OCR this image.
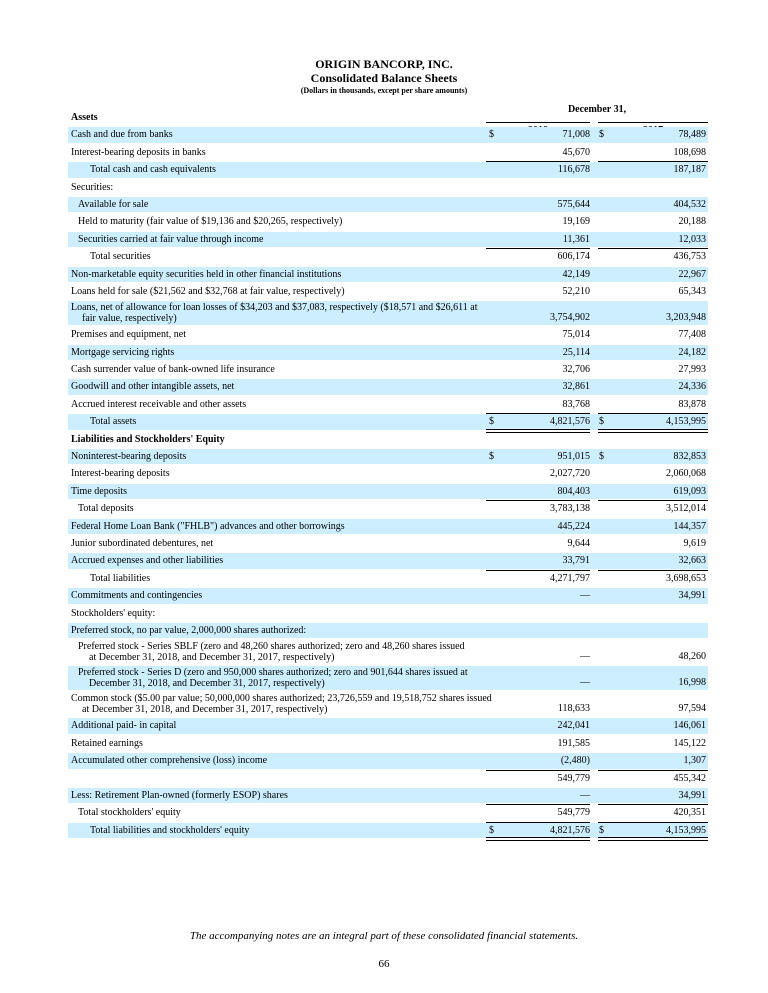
ORIGIN BANCORP, INC.
Consolidated Balance Sheets
(Dollars in thousands, except per share amounts)
December 31,
Assets
Cash and due from banks	$	71,008 $	78,489
Interest-bearing deposits in banks	45,670	108,698
Total cash and cash equivalents	116,678	187,187
Securities:
Available for sale	575,644	404,532
Held to maturity (fair value of $19,136 and $20,265, respectively)	19,169	20,188
Securities carried at fair value through income	11,361	12,033
Total securities	606,174	436,753
Non-marketable equity securities held in other financial institutions	42,149	22,967
Loans held for sale ($21,562 and $32,768 at fair value, respectively)	52,210	65,343
Loans, net of allowance for loan losses of $34,203 and $37,083, respectively ($18,571 and $26,611 at fair value, respectively)	3,754,902	3,203,948
Premises and equipment, net	75,014	77,408
Mortgage servicing rights	25,114	24,182
Cash surrender value of bank-owned life insurance	32,706	27,993
Goodwill and other intangible assets, net	32,861	24,336
Accrued interest receivable and other assets	83,768	83,878
Total assets	$	4,821,576 $	4,153,995
Liabilities and Stockholders' Equity
Noninterest-bearing deposits	$	951,015 $	832,853
Interest-bearing deposits	2,027,720	2,060,068
Time deposits	804,403	619,093
Total deposits	3,783,138	3,512,014
Federal Home Loan Bank ("FHLB") advances and other borrowings	445,224	144,357
Junior subordinated debentures, net	9,644	9,619
Accrued expenses and other liabilities	33,791	32,663
Total liabilities	4,271,797	3,698,653
Commitments and contingencies	—	34,991
Stockholders' equity:
Preferred stock, no par value, 2,000,000 shares authorized:
Preferred stock - Series SBLF (zero and 48,260 shares authorized; zero and 48,260 shares issued at December 31, 2018, and December 31, 2017, respectively)	—	48,260
Preferred stock - Series D (zero and 950,000 shares authorized; zero and 901,644 shares issued at December 31, 2018, and December 31, 2017, respectively)	—	16,998
Common stock ($5.00 par value; 50,000,000 shares authorized; 23,726,559 and 19,518,752 shares issued at December 31, 2018, and December 31, 2017, respectively)	118,633	97,594
Additional paid‑ in capital	242,041	146,061
Retained earnings	191,585	145,122
Accumulated other comprehensive (loss) income	(2,480)	1,307
549,779	455,342
Less: Retirement Plan-owned (formerly ESOP) shares	—	34,991
Total stockholders' equity	549,779	420,351
Total liabilities and stockholders' equity	$	4,821,576 $	4,153,995
The accompanying notes are an integral part of these consolidated financial statements.
66
